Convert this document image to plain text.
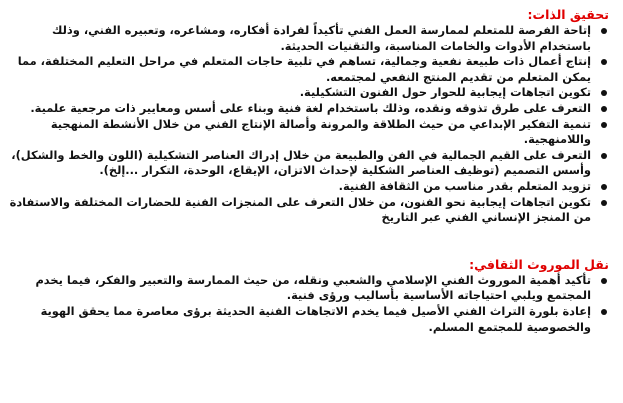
تحقيق الذات:
إتاحة الفرصة للمتعلم لممارسة العمل الفني تأكيداً لفرادة أفكاره، ومشاعره، وتعبيره الفني، وذلك باستخدام الأدوات والخامات المناسبة، والتقنيات الحديثة.
إنتاج أعمال ذات طبيعة نفعية وجمالية، تساهم في تلبية حاجات المتعلم في مراحل التعليم المختلفة، مما يمكن المتعلم من تقديم المنتج النفعي لمجتمعه.
تكوين اتجاهات إيجابية للحوار حول الفنون التشكيلية.
التعرف على طرق تذوقه ونقده، وذلك باستخدام لغة فنية وبناء على أسس ومعايير ذات مرجعية علمية.
تنمية التفكير الإبداعي من حيث الطلاقة والمرونة وأصالة الإنتاج الفني من خلال الأنشطة المنهجية واللامنهجية.
التعرف على القيم الجمالية في الفن والطبيعة من خلال إدراك العناصر التشكيلية (اللون والخط والشكل)، وأسس التصميم (توظيف العناصر الشكلية لإحداث الاتزان، الإيقاع، الوحدة، التكرار ...إلخ).
تزويد المتعلم بقدر مناسب من الثقافة الفنية.
تكوين اتجاهات إيجابية نحو الفنون، من خلال التعرف على المنجزات الفنية للحضارات المختلفة والاستفادة من المنجز الإنساني الفني عبر التاريخ
نقل الموروث الثقافي:
تأكيد أهمية الموروث الفني الإسلامي والشعبي ونقله، من حيث الممارسة والتعبير والفكر، فيما يخدم المجتمع ويلبي احتياجاته الأساسية بأساليب ورؤى فنية.
إعادة بلورة التراث الفني الأصيل فيما يخدم الاتجاهات الفنية الحديثة برؤى معاصرة مما يحقق الهوية والخصوصية للمجتمع المسلم.
